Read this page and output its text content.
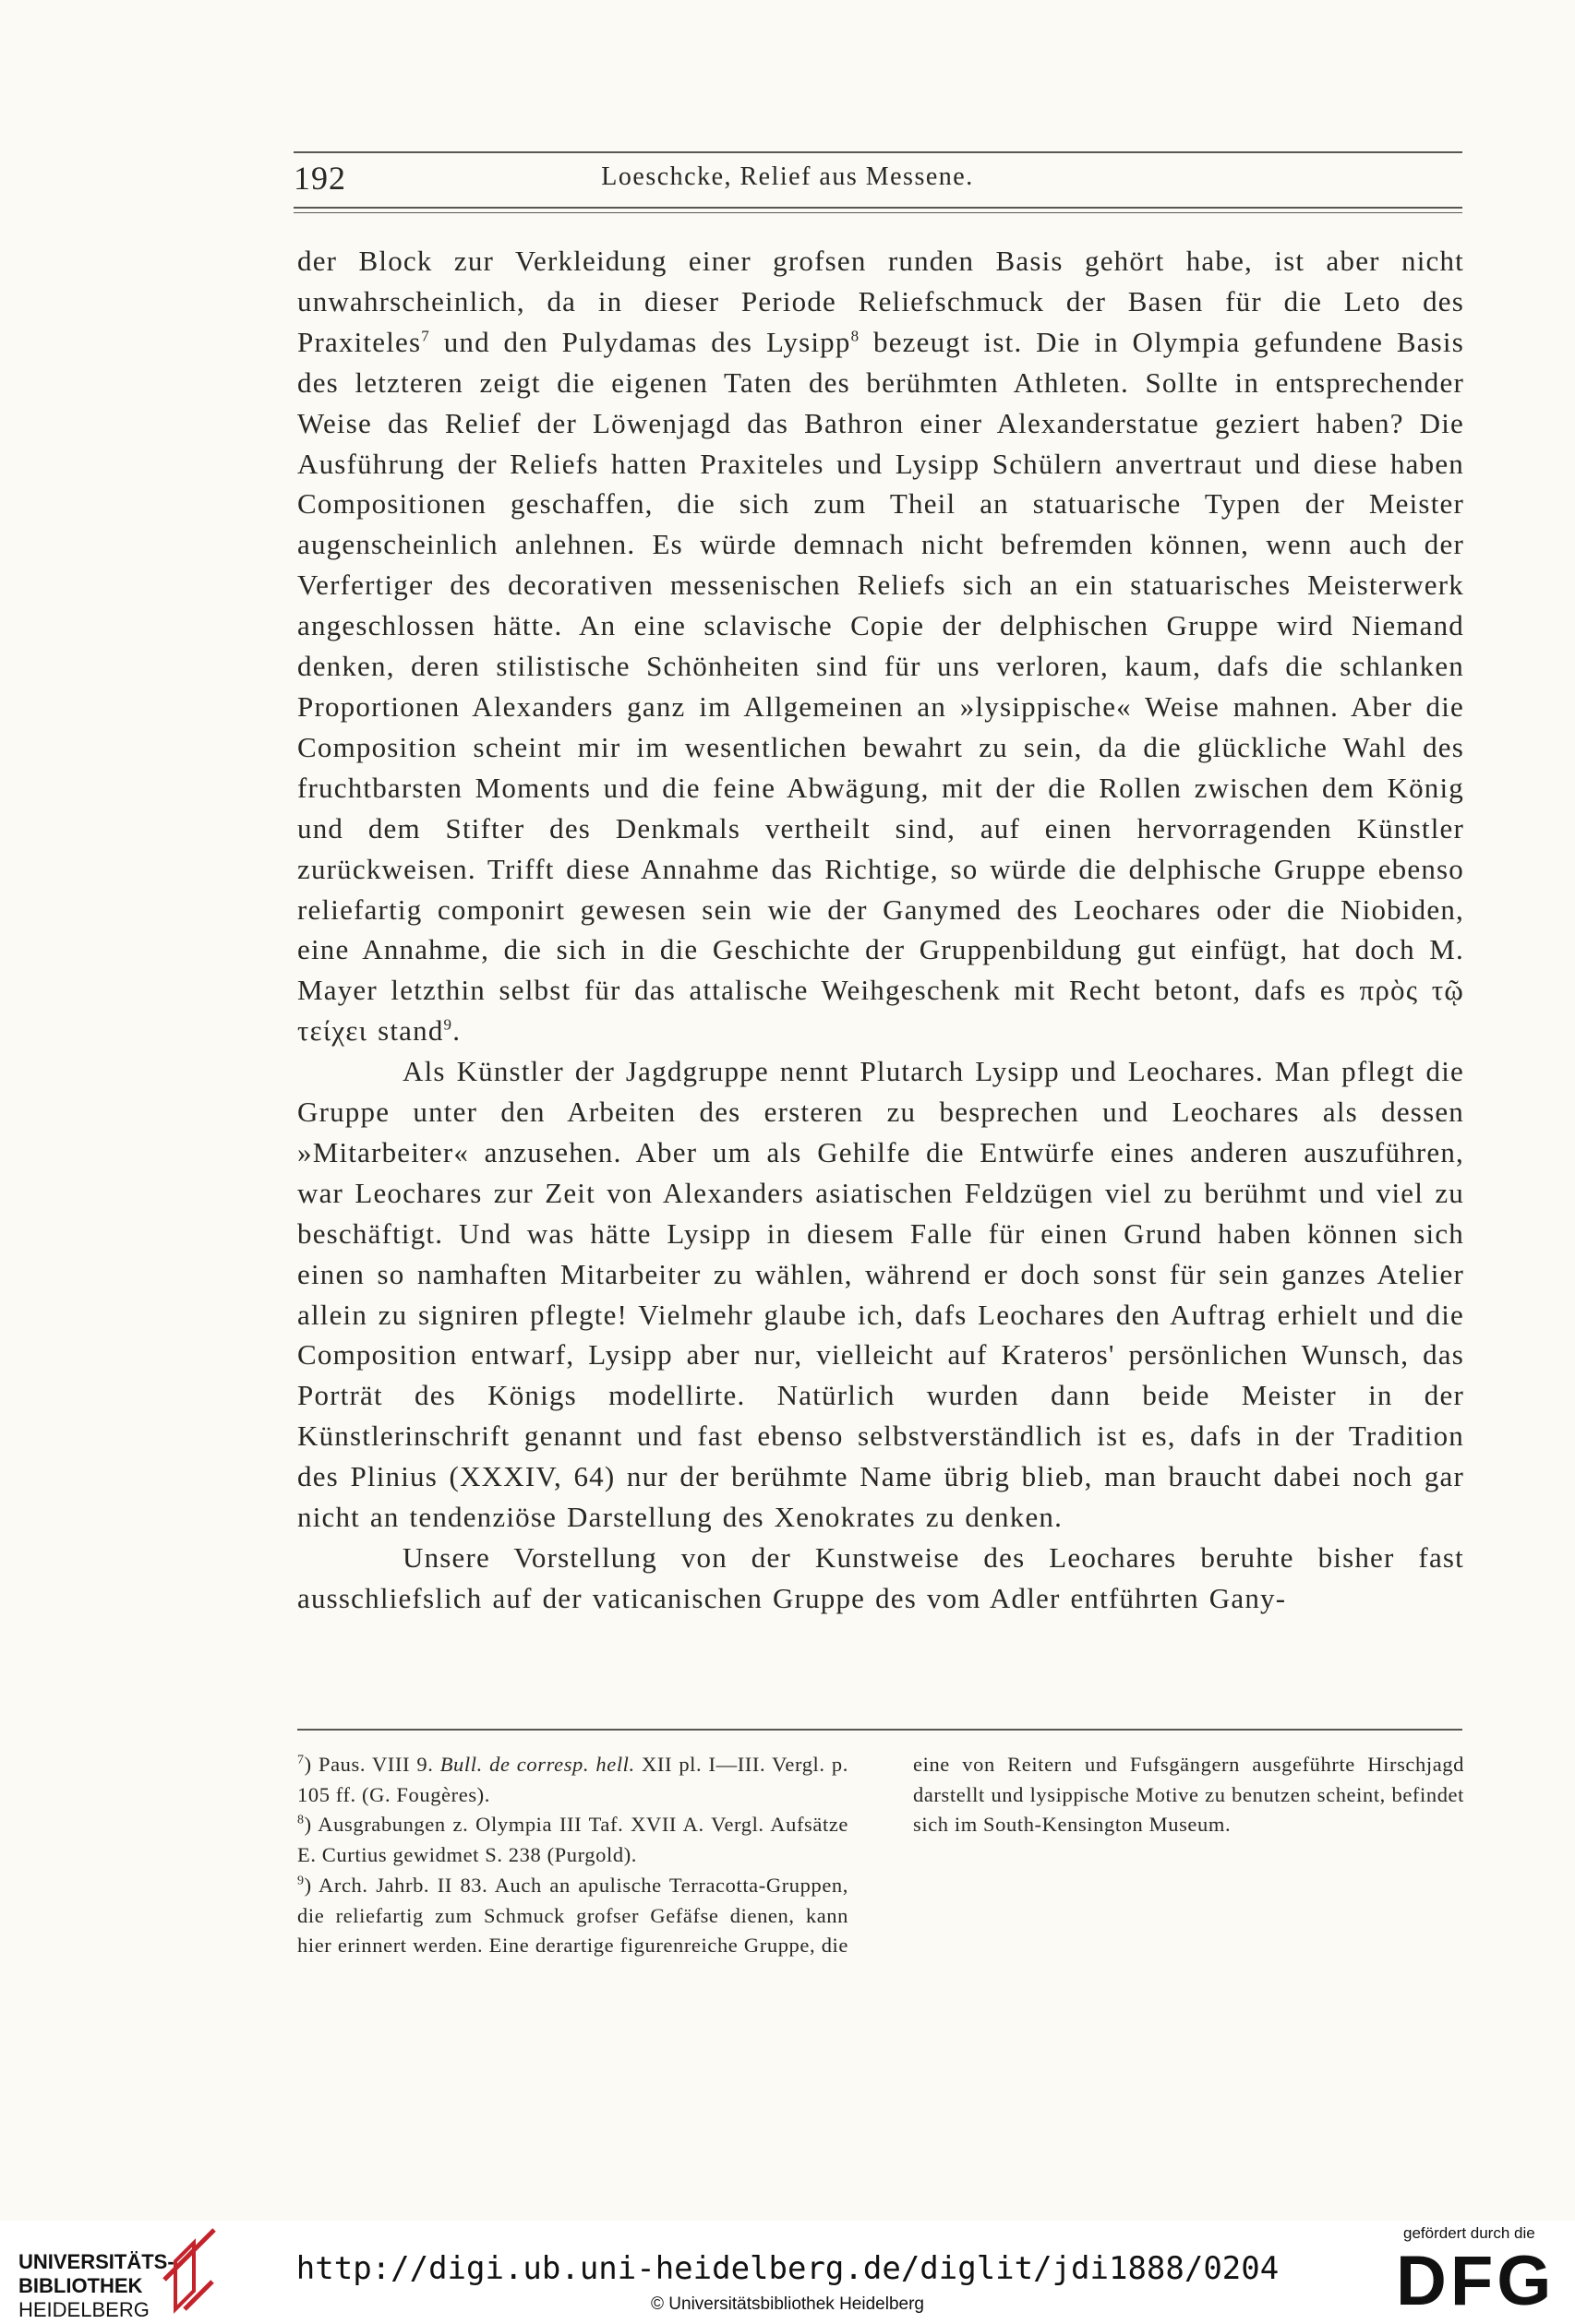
192	Loeschcke, Relief aus Messene.

der Block zur Verkleidung einer grofsen runden Basis gehört habe, ist aber nicht unwahrscheinlich, da in dieser Periode Reliefschmuck der Basen für die Leto des Praxiteles$^7$ und den Pulydamas des Lysipp$^8$ bezeugt ist. Die in Olympia gefundene Basis des letzteren zeigt die eigenen Taten des berühmten Athleten. Sollte in entsprechender Weise das Relief der Löwenjagd das Bathron einer Alexanderstatue geziert haben? Die Ausführung der Reliefs hatten Praxiteles und Lysipp Schülern anvertraut und diese haben Compositionen geschaffen, die sich zum Theil an statuarische Typen der Meister augenscheinlich anlehnen. Es würde demnach nicht befremden können, wenn auch der Verfertiger des decorativen messenischen Reliefs sich an ein statuarisches Meisterwerk angeschlossen hätte. An eine sclavische Copie der delphischen Gruppe wird Niemand denken, deren stilistische Schönheiten sind für uns verloren, kaum, dafs die schlanken Proportionen Alexanders ganz im Allgemeinen an »lysippische« Weise mahnen. Aber die Composition scheint mir im wesentlichen bewahrt zu sein, da die glückliche Wahl des fruchtbarsten Moments und die feine Abwägung, mit der die Rollen zwischen dem König und dem Stifter des Denkmals vertheilt sind, auf einen hervorragenden Künstler zurückweisen. Trifft diese Annahme das Richtige, so würde die delphische Gruppe ebenso reliefartig componirt gewesen sein wie der Ganymed des Leochares oder die Niobiden, eine Annahme, die sich in die Geschichte der Gruppenbildung gut einfügt, hat doch M. Mayer letzthin selbst für das attalische Weihgeschenk mit Recht betont, dafs es πρὸς τῷ τείχει stand$^9$.

Als Künstler der Jagdgruppe nennt Plutarch Lysipp und Leochares. Man pflegt die Gruppe unter den Arbeiten des ersteren zu besprechen und Leochares als dessen »Mitarbeiter« anzusehen. Aber um als Gehilfe die Entwürfe eines anderen auszuführen, war Leochares zur Zeit von Alexanders asiatischen Feldzügen viel zu berühmt und viel zu beschäftigt. Und was hätte Lysipp in diesem Falle für einen Grund haben können sich einen so namhaften Mitarbeiter zu wählen, während er doch sonst für sein ganzes Atelier allein zu signiren pflegte! Vielmehr glaube ich, dafs Leochares den Auftrag erhielt und die Composition entwarf, Lysipp aber nur, vielleicht auf Krateros' persönlichen Wunsch, das Porträt des Königs modellirte. Natürlich wurden dann beide Meister in der Künstlerinschrift genannt und fast ebenso selbstverständlich ist es, dafs in der Tradition des Plinius (XXXIV, 64) nur der berühmte Name übrig blieb, man braucht dabei noch gar nicht an tendenziöse Darstellung des Xenokrates zu denken.

Unsere Vorstellung von der Kunstweise des Leochares beruhte bisher fast ausschliefslich auf der vaticanischen Gruppe des vom Adler entführten Gany-

$^7$) Paus. VIII 9. Bull. de corresp. hell. XII pl. I—III. Vergl. p. 105 ff. (G. Fougères).

$^8$) Ausgrabungen z. Olympia III Taf. XVII A. Vergl. Aufsätze E. Curtius gewidmet S. 238 (Purgold).

$^9$) Arch. Jahrb. II 83. Auch an apulische Terracotta-Gruppen, die reliefartig zum Schmuck grofser Gefäfse dienen, kann hier erinnert werden. Eine derartige figurenreiche Gruppe, die eine von Reitern und Fufsgängern ausgeführte Hirschjagd darstellt und lysippische Motive zu benutzen scheint, befindet sich im South-Kensington Museum.

UNIVERSITÄTS-
BIBLIOTHEK
HEIDELBERG
http://digi.ub.uni-heidelberg.de/diglit/jdi1888/0204
© Universitätsbibliothek Heidelberg
gefördert durch die
DFG
